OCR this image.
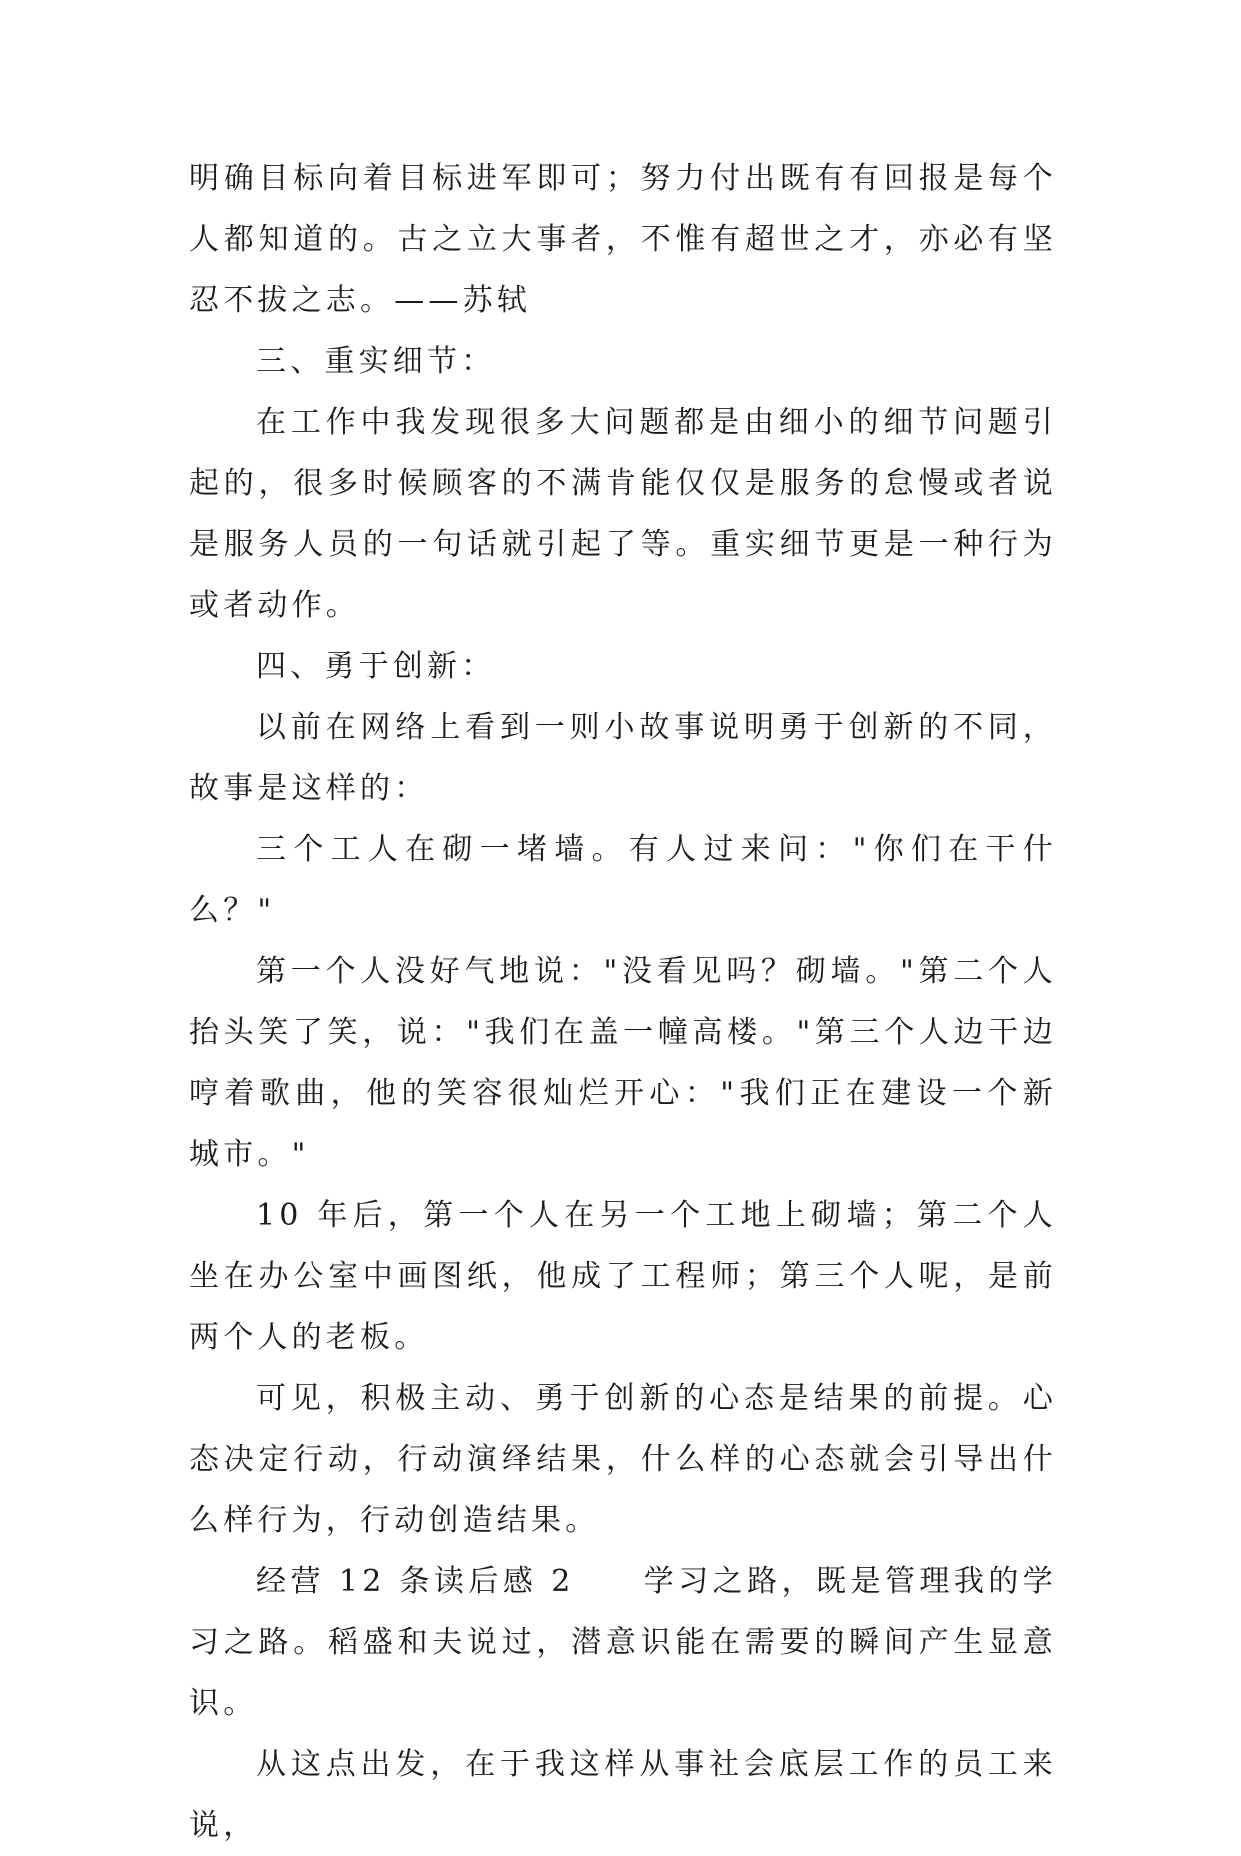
明确目标向着目标进军即可；努力付出既有有回报是每个人都知道的。古之立大事者，不惟有超世之才，亦必有坚忍不拔之志。——苏轼

三、重实细节：

在工作中我发现很多大问题都是由细小的细节问题引起的，很多时候顾客的不满肯能仅仅是服务的怠慢或者说是服务人员的一句话就引起了等。重实细节更是一种行为或者动作。

四、勇于创新：

以前在网络上看到一则小故事说明勇于创新的不同，故事是这样的：

三个工人在砌一堵墙。有人过来问："你们在干什么？"

第一个人没好气地说："没看见吗？砌墙。"第二个人抬头笑了笑，说："我们在盖一幢高楼。"第三个人边干边哼着歌曲，他的笑容很灿烂开心："我们正在建设一个新城市。"

10 年后，第一个人在另一个工地上砌墙；第二个人坐在办公室中画图纸，他成了工程师；第三个人呢，是前两个人的老板。

可见，积极主动、勇于创新的心态是结果的前提。心态决定行动，行动演绎结果，什么样的心态就会引导出什么样行为，行动创造结果。

经营 12 条读后感 2　　学习之路，既是管理我的学习之路。稻盛和夫说过，潜意识能在需要的瞬间产生显意识。

从这点出发，在于我这样从事社会底层工作的员工来说，
